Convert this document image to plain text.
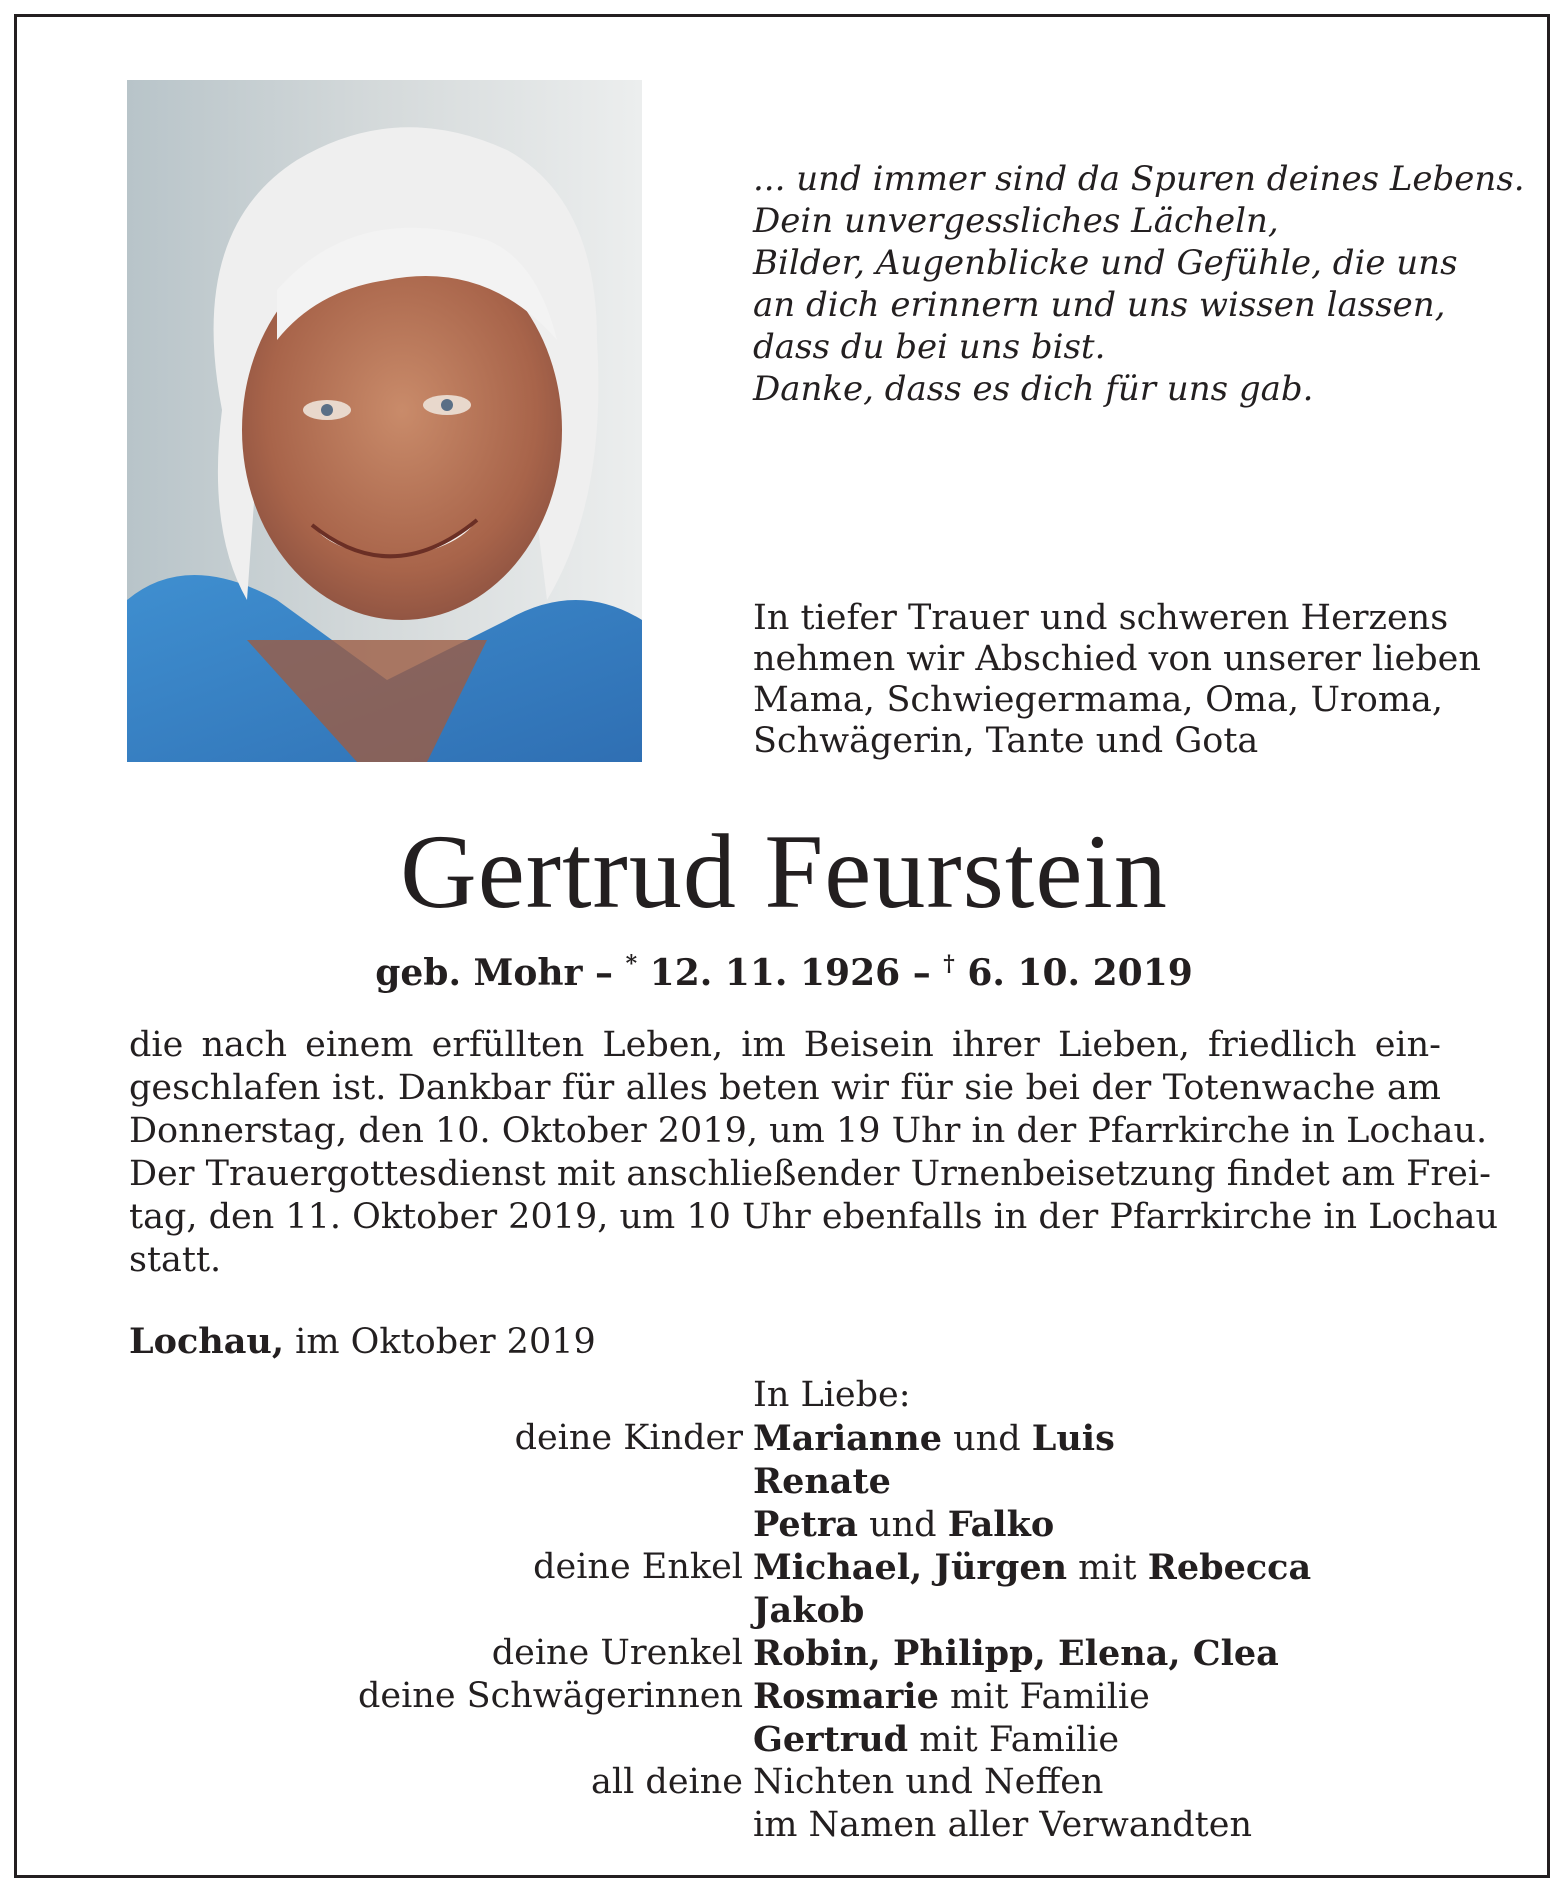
... und immer sind da Spuren deines Lebens.
Dein unvergessliches Lächeln,
Bilder, Augenblicke und Gefühle, die uns
an dich erinnern und uns wissen lassen,
dass du bei uns bist.
Danke, dass es dich für uns gab.
In tiefer Trauer und schweren Herzens
nehmen wir Abschied von unserer lieben
Mama, Schwiegermama, Oma, Uroma,
Schwägerin, Tante und Gota
Gertrud Feurstein
geb. Mohr – * 12. 11. 1926 – † 6. 10. 2019
die nach einem erfüllten Leben, im Beisein ihrer Lieben, friedlich ein-
geschlafen ist. Dankbar für alles beten wir für sie bei der Totenwache am
Donnerstag, den 10. Oktober 2019, um 19 Uhr in der Pfarrkirche in Lochau.
Der Trauergottesdienst mit anschließender Urnenbeisetzung findet am Frei-
tag, den 11. Oktober 2019, um 10 Uhr ebenfalls in der Pfarrkirche in Lochau
statt.
Lochau, im Oktober 2019
In Liebe:
deine Kinder Marianne und Luis
Renate
Petra und Falko
deine Enkel Michael, Jürgen mit Rebecca
Jakob
deine Urenkel Robin, Philipp, Elena, Clea
deine Schwägerinnen Rosmarie mit Familie
Gertrud mit Familie
all deine Nichten und Neffen
im Namen aller Verwandten
